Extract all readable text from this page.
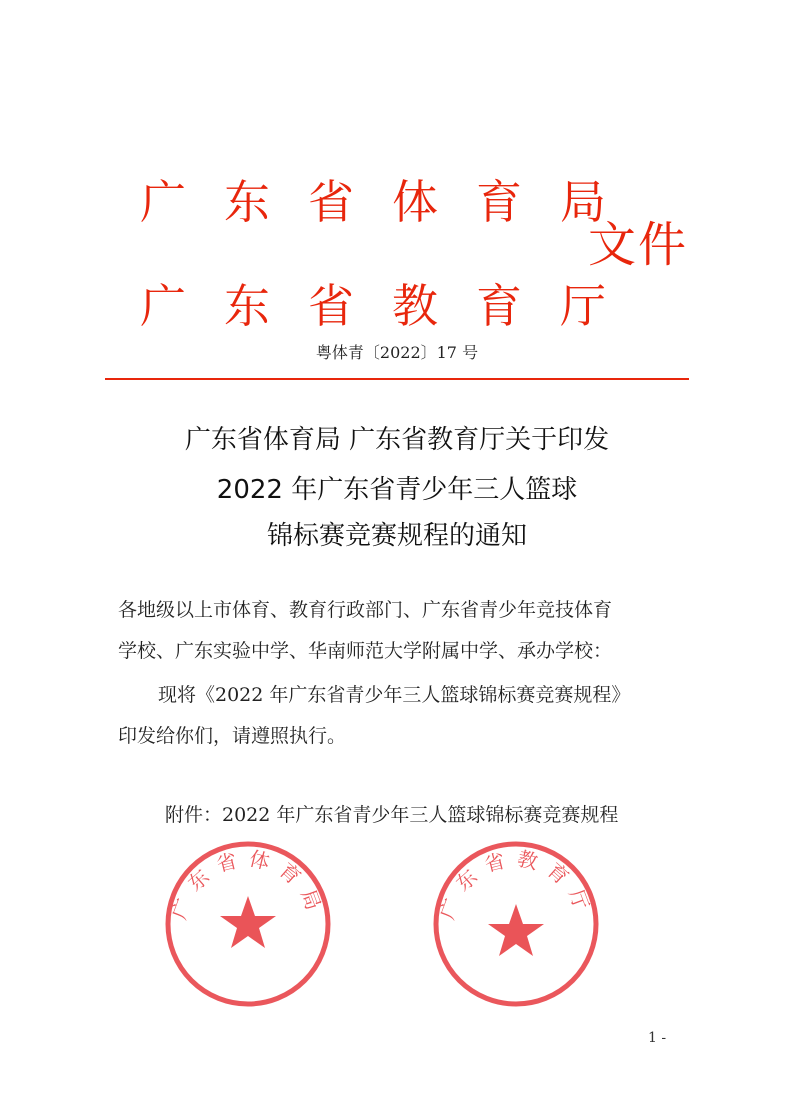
广东省体育局
广东省教育厅
文件
粤体青〔2022〕17 号
广东省体育局 广东省教育厅关于印发
2022 年广东省青少年三人篮球
锦标赛竞赛规程的通知
各地级以上市体育、教育行政部门、广东省青少年竞技体育
学校、广东实验中学、华南师范大学附属中学、承办学校：
现将《2022 年广东省青少年三人篮球锦标赛竞赛规程》
印发给你们，请遵照执行。
附件：2022 年广东省青少年三人篮球锦标赛竞赛规程
广东省体育局	广东省教育厅
1 -
